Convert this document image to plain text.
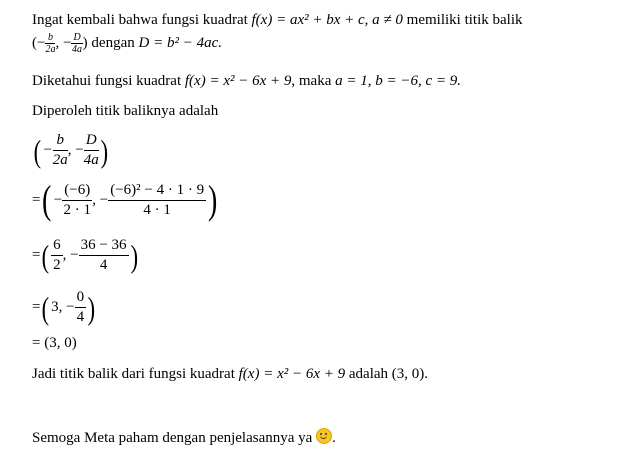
Ingat kembali bahwa fungsi kuadrat f(x) = ax² + bx + c, a ≠ 0 memiliki titik balik
(− $\frac{b}{2a}$ , − $\frac{D}{4a}$ ) dengan D = b² − 4ac.
Diketahui fungsi kuadrat f(x) = x² − 6x + 9, maka a = 1, b = −6, c = 9.
Diperoleh titik baliknya adalah
( − $\frac{b}{2a}$ , − $\frac{D}{4a}$ )
= ( − $\frac{(-6)}{2 \cdot 1}$ , − $\frac{\text{(−6)² − 4 · 1 · 9}}{4 \cdot 1}$ )
= ( $\frac{6}{2}$ , − $\frac{36 - 36}{4}$ )
= ( 3, − $\frac{0}{4}$ )
= (3, 0)
Jadi titik balik dari fungsi kuadrat f(x) = x² − 6x + 9 adalah (3, 0).
Semoga Meta paham dengan penjelasannya ya .
